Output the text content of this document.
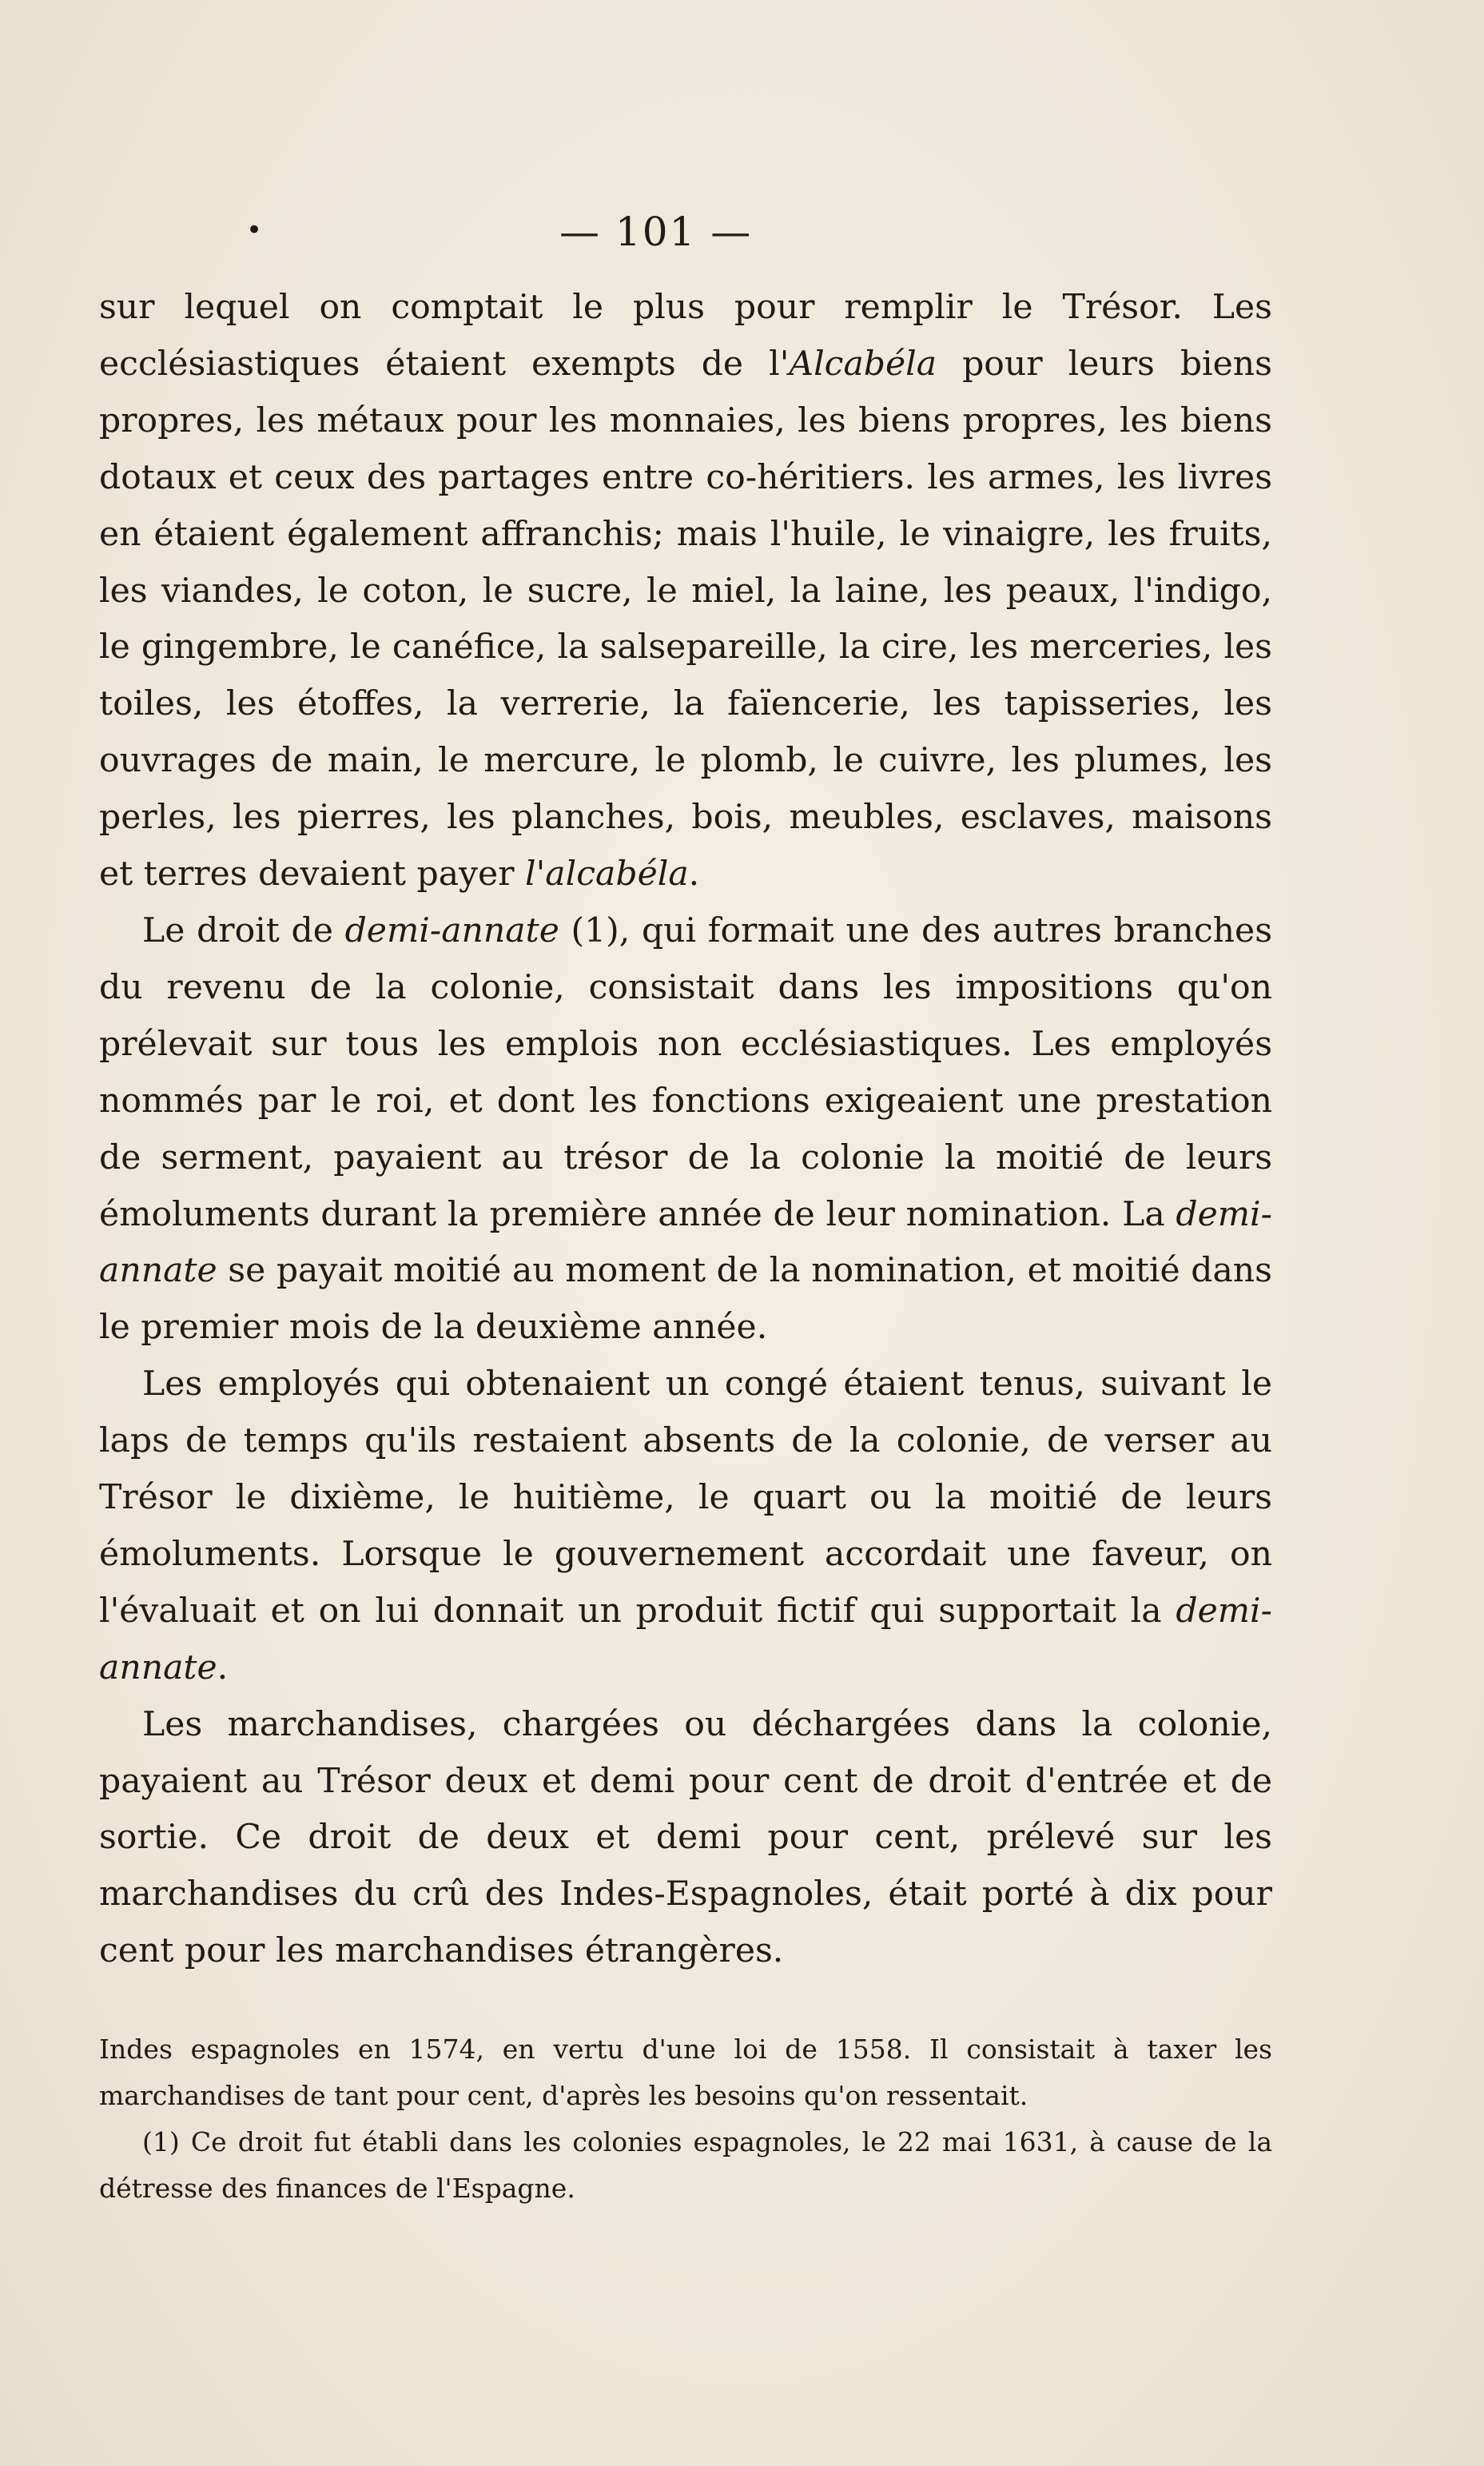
•	— 101 —

sur lequel on comptait le plus pour remplir le Trésor. Les ecclésiastiques étaient exempts de l'Alcabéla pour leurs biens propres, les métaux pour les monnaies, les biens propres, les biens dotaux et ceux des partages entre co-héritiers. les armes, les livres en étaient également affranchis; mais l'huile, le vinaigre, les fruits, les viandes, le coton, le sucre, le miel, la laine, les peaux, l'indigo, le gingembre, le canéfice, la salsepareille, la cire, les merceries, les toiles, les étoffes, la verrerie, la faïencerie, les tapisseries, les ouvrages de main, le mercure, le plomb, le cuivre, les plumes, les perles, les pierres, les planches, bois, meubles, esclaves, maisons et terres devaient payer l'alcabéla.

Le droit de demi-annate (1), qui formait une des autres branches du revenu de la colonie, consistait dans les impositions qu'on prélevait sur tous les emplois non ecclésiastiques. Les employés nommés par le roi, et dont les fonctions exigeaient une prestation de serment, payaient au trésor de la colonie la moitié de leurs émoluments durant la première année de leur nomination. La demi-annate se payait moitié au moment de la nomination, et moitié dans le premier mois de la deuxième année.

Les employés qui obtenaient un congé étaient tenus, suivant le laps de temps qu'ils restaient absents de la colonie, de verser au Trésor le dixième, le huitième, le quart ou la moitié de leurs émoluments. Lorsque le gouvernement accordait une faveur, on l'évaluait et on lui donnait un produit fictif qui supportait la demi-annate.

Les marchandises, chargées ou déchargées dans la colonie, payaient au Trésor deux et demi pour cent de droit d'entrée et de sortie. Ce droit de deux et demi pour cent, prélevé sur les marchandises du crû des Indes-Espagnoles, était porté à dix pour cent pour les marchandises étrangères.

Indes espagnoles en 1574, en vertu d'une loi de 1558. Il consistait à taxer les marchandises de tant pour cent, d'après les besoins qu'on ressentait.

(1) Ce droit fut établi dans les colonies espagnoles, le 22 mai 1631, à cause de la détresse des finances de l'Espagne.
